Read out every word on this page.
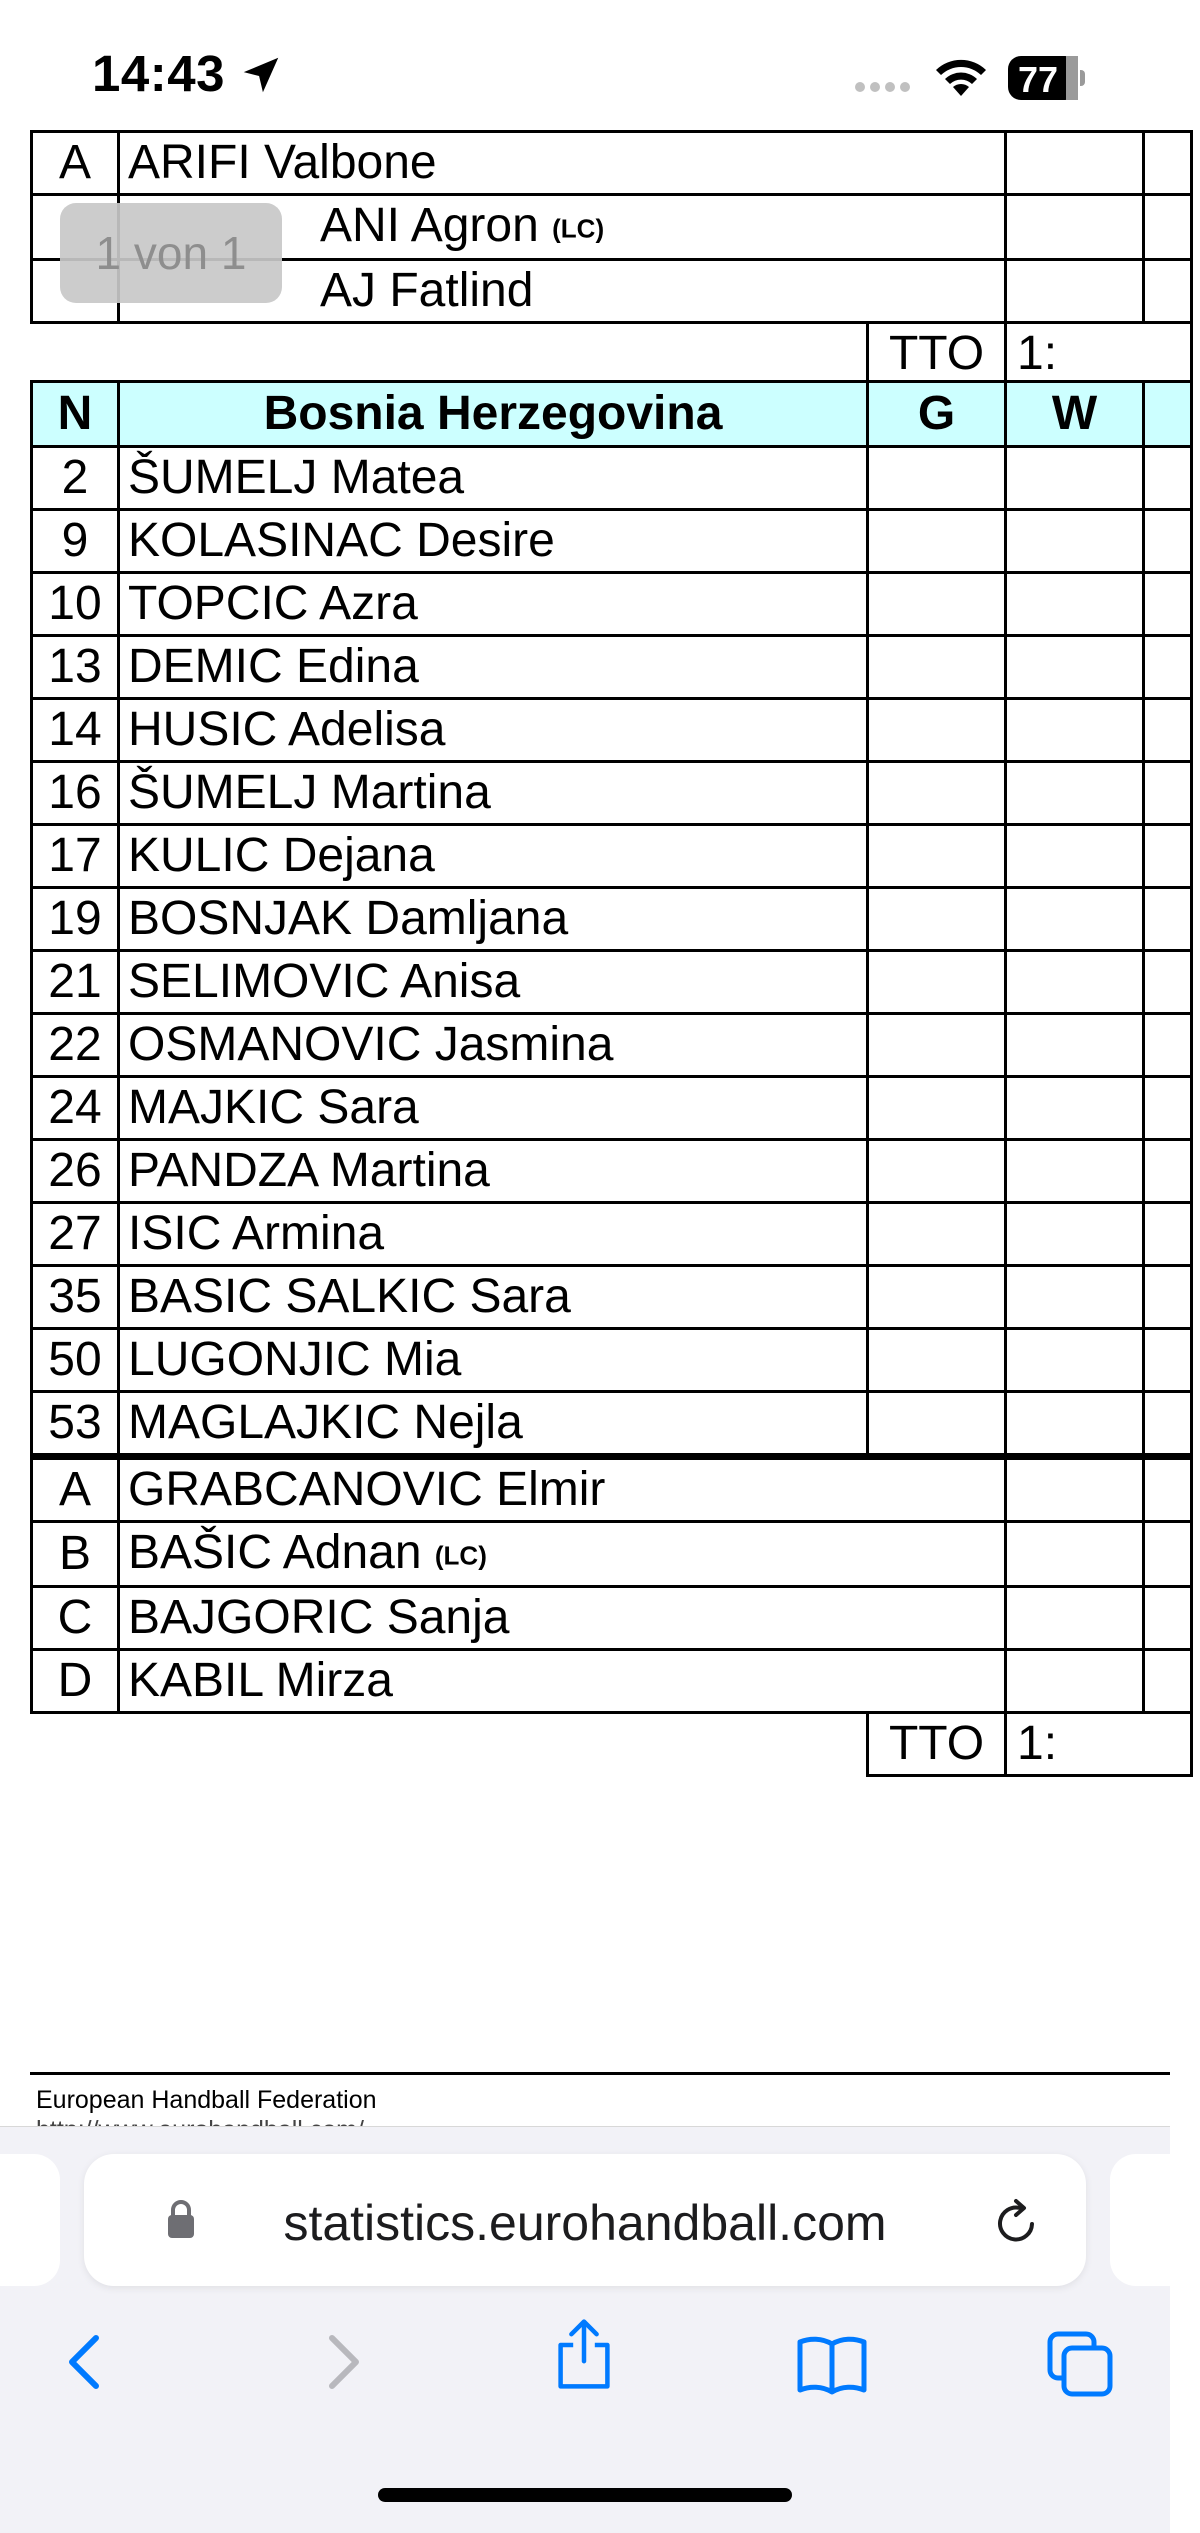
14:43	77
A	ARIFI Valbone			
	ANI Agron (LC)			
	AJ Fatlind			
		TTO	1:	
1 von 1
N	Bosnia Herzegovina	G	W	
2	ŠUMELJ Matea			
9	KOLASINAC Desire			
10	TOPCIC Azra			
13	DEMIC Edina			
14	HUSIC Adelisa			
16	ŠUMELJ Martina			
17	KULIC Dejana			
19	BOSNJAK Damljana			
21	SELIMOVIC Anisa			
22	OSMANOVIC Jasmina			
24	MAJKIC Sara			
26	PANDZA Martina			
27	ISIC Armina			
35	BASIC SALKIC Sara			
50	LUGONJIC Mia			
53	MAGLAJKIC Nejla			
A	GRABCANOVIC Elmir			
B	BAŠIC Adnan (LC)			
C	BAJGORIC Sanja			
D	KABIL Mirza			
		TTO	1:	
European Handball Federation
statistics.eurohandball.com
